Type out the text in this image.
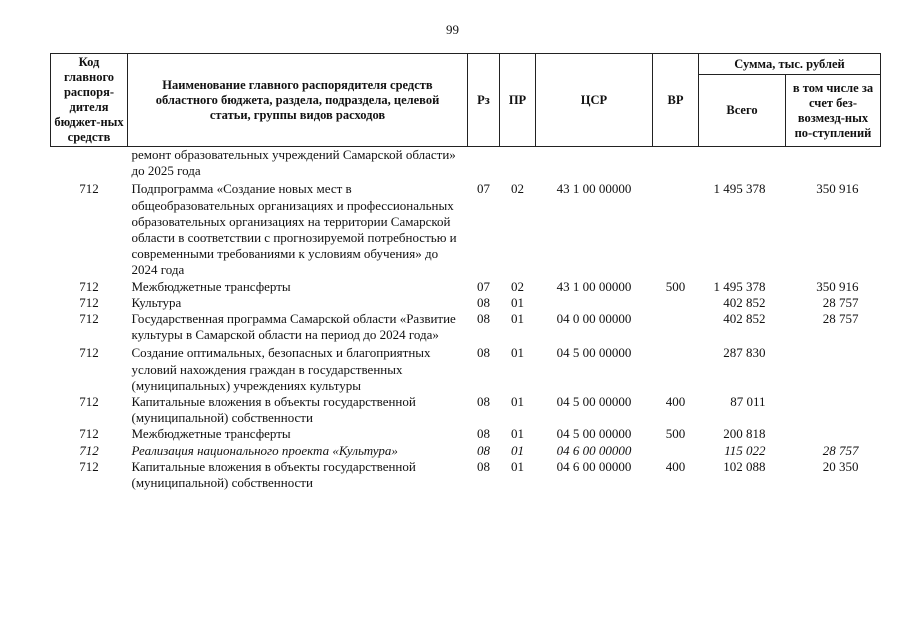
99
Код главного распоря-дителя бюджет-ных средств	Наименование главного распорядителя средств областного бюджета, раздела, подраздела, целевой статьи, группы видов расходов	Рз	ПР	ЦСР	ВР	Сумма, тыс. рублей	
						Всего	в том числе за счет без-возмезд-ных по-ступлений
	ремонт образовательных учреждений Самарской области» до 2025 года						
712	Подпрограмма «Создание новых мест в общеобразовательных организациях и профессиональных образовательных организациях на территории Самарской области в соответствии с прогнозируемой потребностью и современными требованиями к условиям обучения» до 2024 года	07	02	43 1 00 00000		1 495 378	350 916
712	Межбюджетные трансферты	07	02	43 1 00 00000	500	1 495 378	350 916
712	Культура	08	01			402 852	28 757
712	Государственная программа Самарской области «Развитие культуры в Самарской области на период до 2024 года»	08	01	04 0 00 00000		402 852	28 757
712	Создание оптимальных, безопасных и благоприятных условий нахождения граждан в государственных (муниципальных) учреждениях культуры	08	01	04 5 00 00000		287 830	
712	Капитальные вложения в объекты государственной (муниципальной) собственности	08	01	04 5 00 00000	400	87 011	
712	Межбюджетные трансферты	08	01	04 5 00 00000	500	200 818	
712	Реализация национального проекта «Культура»	08	01	04 6 00 00000		115 022	28 757
712	Капитальные вложения в объекты государственной (муниципальной) собственности	08	01	04 6 00 00000	400	102 088	20 350
